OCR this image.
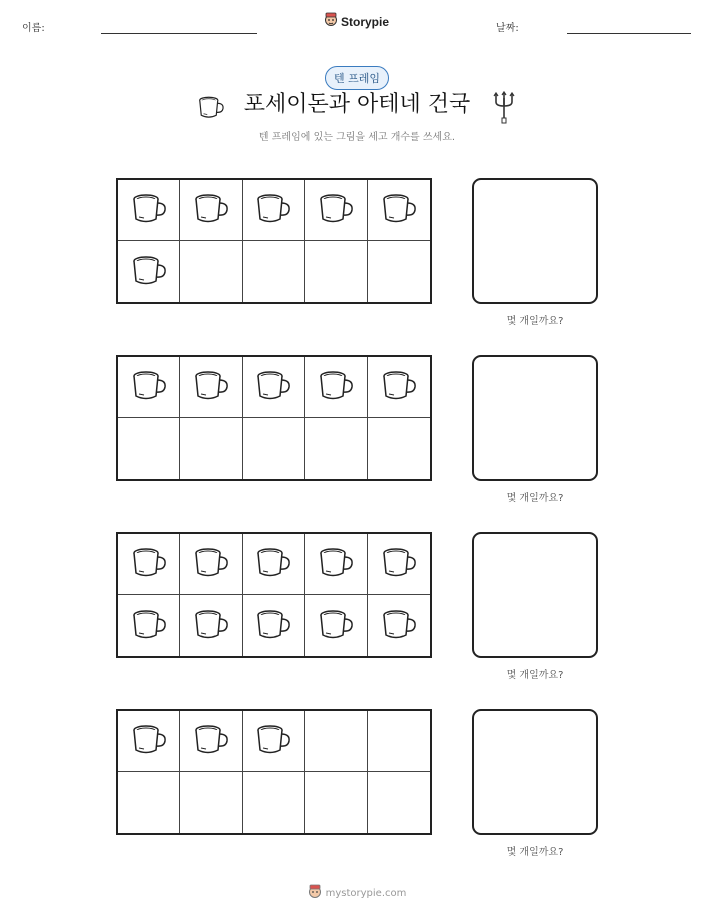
이름:	Storypie	날짜:
텐 프레임
포세이돈과 아테네 건국
텐 프레임에 있는 그림을 세고 개수를 쓰세요.
몇 개일까요?
몇 개일까요?
몇 개일까요?
몇 개일까요?
mystorypie.com
